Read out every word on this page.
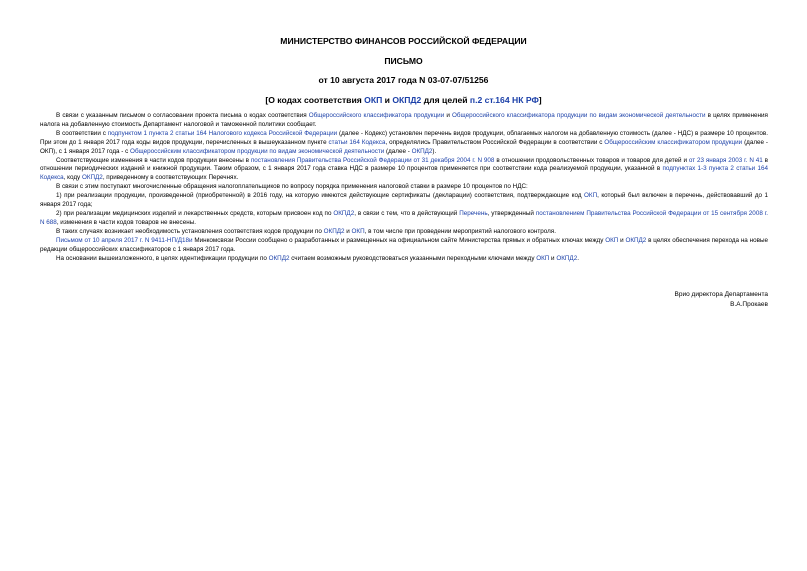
МИНИСТЕРСТВО ФИНАНСОВ РОССИЙСКОЙ ФЕДЕРАЦИИ
ПИСЬМО
от 10 августа 2017 года N 03-07-07/51256
[О кодах соответствия ОКП и ОКПД2 для целей п.2 ст.164 НК РФ]

В связи с указанным письмом о согласовании проекта письма о кодах соответствия Общероссийского классификатора продукции и Общероссийского классификатора продукции по видам экономической деятельности в целях применения налога на добавленную стоимость Департамент налоговой и таможенной политики сообщает.

В соответствии с подпунктом 1 пункта 2 статьи 164 Налогового кодекса Российской Федерации (далее - Кодекс) установлен перечень видов продукции, облагаемых налогом на добавленную стоимость (далее - НДС) в размере 10 процентов. При этом до 1 января 2017 года коды видов продукции, перечисленных в вышеуказанном пункте статьи 164 Кодекса, определялись Правительством Российской Федерации в соответствии с Общероссийским классификатором продукции (далее - ОКП), с 1 января 2017 года - с Общероссийским классификатором продукции по видам экономической деятельности (далее - ОКПД2).

Соответствующие изменения в части кодов продукции внесены в постановления Правительства Российской Федерации от 31 декабря 2004 г. N 908 в отношении продовольственных товаров и товаров для детей и от 23 января 2003 г. N 41 в отношении периодических изданий и книжной продукции. Таким образом, с 1 января 2017 года ставка НДС в размере 10 процентов применяется при соответствии кода реализуемой продукции, указанной в подпунктах 1-3 пункта 2 статьи 164 Кодекса, коду ОКПД2, приведенному в соответствующих Перечнях.

В связи с этим поступают многочисленные обращения налогоплательщиков по вопросу порядка применения налоговой ставки в размере 10 процентов по НДС:

1) при реализации продукции, произведенной (приобретенной) в 2016 году, на которую имеются действующие сертификаты (декларации) соответствия, подтверждающие код ОКП, который был включен в перечень, действовавший до 1 января 2017 года;

2) при реализации медицинских изделий и лекарственных средств, которым присвоен код по ОКПД2, в связи с тем, что в действующий Перечень, утвержденный постановлением Правительства Российской Федерации от 15 сентября 2008 г. N 688, изменения в части кодов товаров не внесены.

В таких случаях возникает необходимость установления соответствия кодов продукции по ОКПД2 и ОКП, в том числе при проведении мероприятий налогового контроля.

Письмом от 10 апреля 2017 г. N 9411-НП/Д18и Минкомсвязи России сообщено о разработанных и размещенных на официальном сайте Министерства прямых и обратных ключах между ОКП и ОКПД2 в целях обеспечения перехода на новые редакции общероссийских классификаторов с 1 января 2017 года.

На основании вышеизложенного, в целях идентификации продукции по ОКПД2 считаем возможным руководствоваться указанными переходными ключами между ОКП и ОКПД2.

Врио директора Департамента
В.А.Прокаев
